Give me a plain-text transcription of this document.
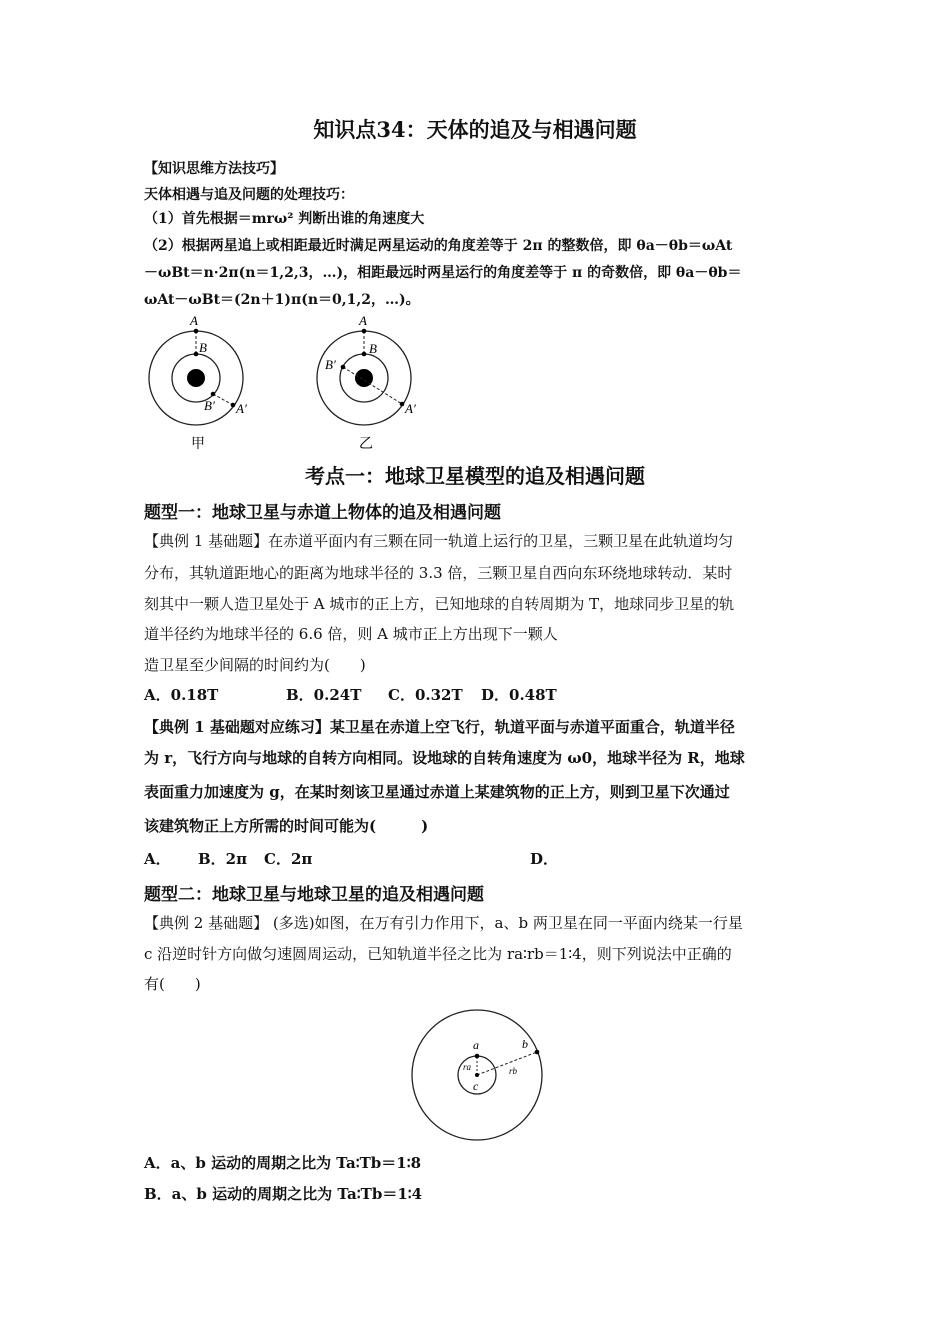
知识点34：天体的追及与相遇问题
【知识思维方法技巧】
天体相遇与追及问题的处理技巧：
（1）首先根据＝mrω² 判断出谁的角速度大
（2）根据两星追上或相距最近时满足两星运动的角度差等于 2π 的整数倍，即 θa－θb＝ωAt
－ωBt＝n·2π(n＝1,2,3，…)，相距最远时两星运行的角度差等于 π 的奇数倍，即 θa－θb＝
ωAt－ωBt＝(2n＋1)π(n＝0,1,2，…)。
A
B
B′ A′
甲
A
B
B′
A′
乙
考点一：地球卫星模型的追及相遇问题
题型一：地球卫星与赤道上物体的追及相遇问题
【典例 1 基础题】在赤道平面内有三颗在同一轨道上运行的卫星，三颗卫星在此轨道均匀
分布，其轨道距地心的距离为地球半径的 3.3 倍，三颗卫星自西向东环绕地球转动．某时
刻其中一颗人造卫星处于 A 城市的正上方，已知地球的自转周期为 T，地球同步卫星的轨
道半径约为地球半径的 6.6 倍，则 A 城市正上方出现下一颗人
造卫星至少间隔的时间约为(　　)
A．0.18T	B．0.24T C．0.32T D．0.48T
【典例 1 基础题对应练习】某卫星在赤道上空飞行，轨道平面与赤道平面重合，轨道半径
为 r，飞行方向与地球的自转方向相同。设地球的自转角速度为 ω0，地球半径为 R，地球
表面重力加速度为 g，在某时刻该卫星通过赤道上某建筑物的正上方，则到卫星下次通过
该建筑物正上方所需的时间可能为(　　　)
A． B．2π C．2π	D．
题型二：地球卫星与地球卫星的追及相遇问题
【典例 2 基础题】 (多选)如图，在万有引力作用下，a、b 两卫星在同一平面内绕某一行星
c 沿逆时针方向做匀速圆周运动，已知轨道半径之比为 ra∶rb＝1∶4，则下列说法中正确的
有(　　)
a	b
c
ra	rb
A．a、b 运动的周期之比为 Ta∶Tb＝1∶8
B．a、b 运动的周期之比为 Ta∶Tb＝1∶4
